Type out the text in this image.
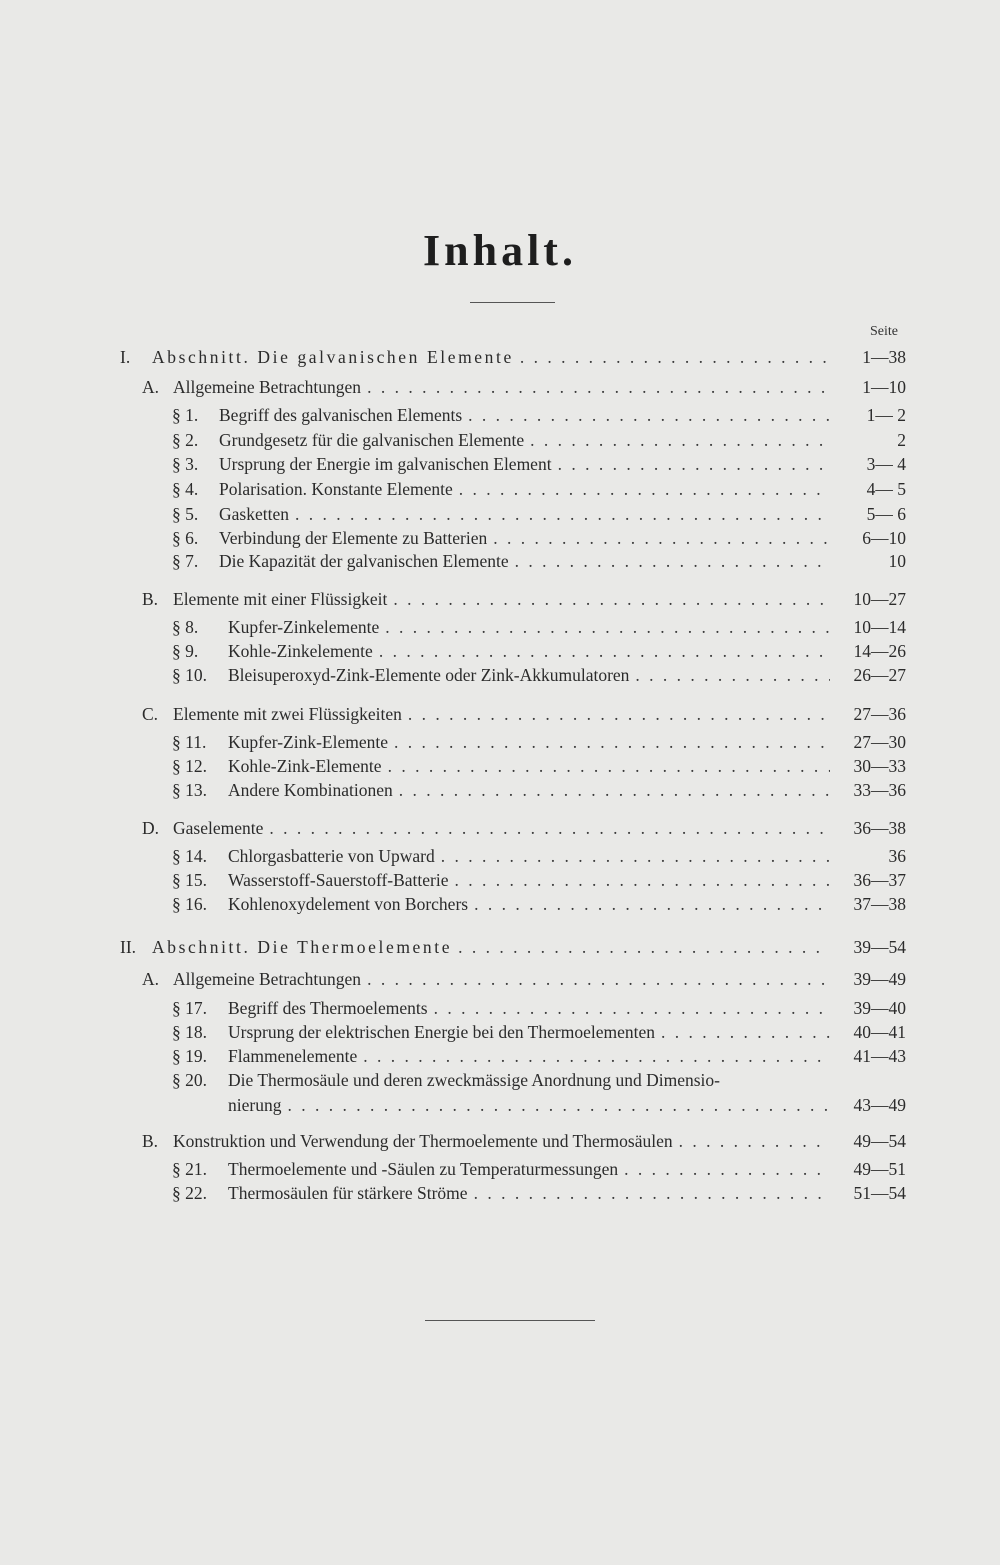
Inhalt.
Seite
I.	Abschnitt. Die galvanischen Elemente . . .	1—38
A. Allgemeine Betrachtungen . . .	1—10
§ 1.	Begriff des galvanischen Elements . . .	1— 2
§ 2.	Grundgesetz für die galvanischen Elemente . . .	2
§ 3.	Ursprung der Energie im galvanischen Element . . .	3— 4
§ 4.	Polarisation. Konstante Elemente . . .	4— 5
§ 5.	Gasketten . . .	5— 6
§ 6.	Verbindung der Elemente zu Batterien . . .	6—10
§ 7.	Die Kapazität der galvanischen Elemente . . .	10
B. Elemente mit einer Flüssigkeit . . .	10—27
§ 8.	Kupfer-Zinkelemente . . .	10—14
§ 9.	Kohle-Zinkelemente . . .	14—26
§ 10.	Bleisuperoxyd-Zink-Elemente oder Zink-Akkumulatoren . . .	26—27
C. Elemente mit zwei Flüssigkeiten . . .	27—36
§ 11.	Kupfer-Zink-Elemente . . .	27—30
§ 12.	Kohle-Zink-Elemente . . .	30—33
§ 13.	Andere Kombinationen . . .	33—36
D. Gaselemente . . .	36—38
§ 14.	Chlorgasbatterie von Upward . . .	36
§ 15.	Wasserstoff-Sauerstoff-Batterie . . .	36—37
§ 16.	Kohlenoxydelement von Borchers . . .	37—38
II. Abschnitt. Die Thermoelemente . . .	39—54
A. Allgemeine Betrachtungen . . .	39—49
§ 17.	Begriff des Thermoelements . . .	39—40
§ 18.	Ursprung der elektrischen Energie bei den Thermoelementen . . .	40—41
§ 19.	Flammenelemente . . .	41—43
§ 20.	Die Thermosäule und deren zweckmässige Anordnung und Dimensio-
nierung . . .	43—49
B. Konstruktion und Verwendung der Thermoelemente und Thermosäulen . . .	49—54
§ 21.	Thermoelemente und -Säulen zu Temperaturmessungen . . .	49—51
§ 22.	Thermosäulen für stärkere Ströme . . .	51—54
